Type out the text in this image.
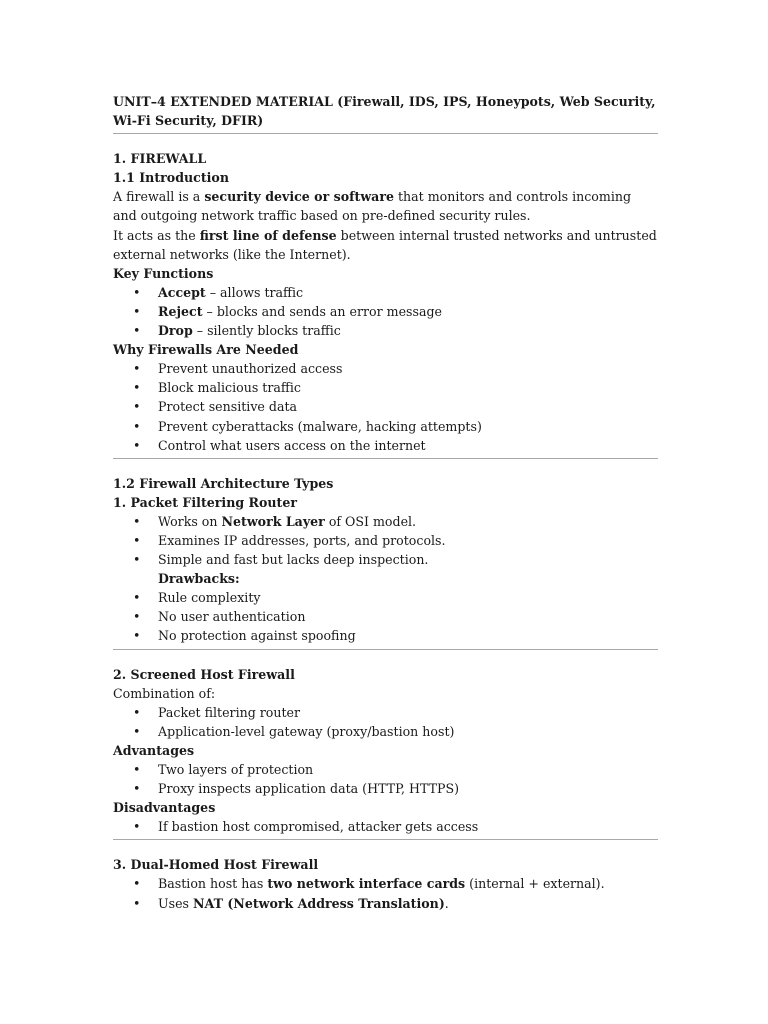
UNIT–4 EXTENDED MATERIAL (Firewall, IDS, IPS, Honeypots, Web Security, Wi-Fi Security, DFIR)

1. FIREWALL

1.1 Introduction

A firewall is a security device or software that monitors and controls incoming and outgoing network traffic based on pre-defined security rules.

It acts as the first line of defense between internal trusted networks and untrusted external networks (like the Internet).

Key Functions

• Accept – allows traffic
• Reject – blocks and sends an error message
• Drop – silently blocks traffic

Why Firewalls Are Needed

• Prevent unauthorized access
• Block malicious traffic
• Protect sensitive data
• Prevent cyberattacks (malware, hacking attempts)
• Control what users access on the internet

1.2 Firewall Architecture Types

1. Packet Filtering Router

• Works on Network Layer of OSI model.
• Examines IP addresses, ports, and protocols.
• Simple and fast but lacks deep inspection.
Drawbacks:
• Rule complexity
• No user authentication
• No protection against spoofing

2. Screened Host Firewall

Combination of:

• Packet filtering router
• Application-level gateway (proxy/bastion host)

Advantages

• Two layers of protection
• Proxy inspects application data (HTTP, HTTPS)

Disadvantages

• If bastion host compromised, attacker gets access

3. Dual-Homed Host Firewall

• Bastion host has two network interface cards (internal + external).
• Uses NAT (Network Address Translation).
